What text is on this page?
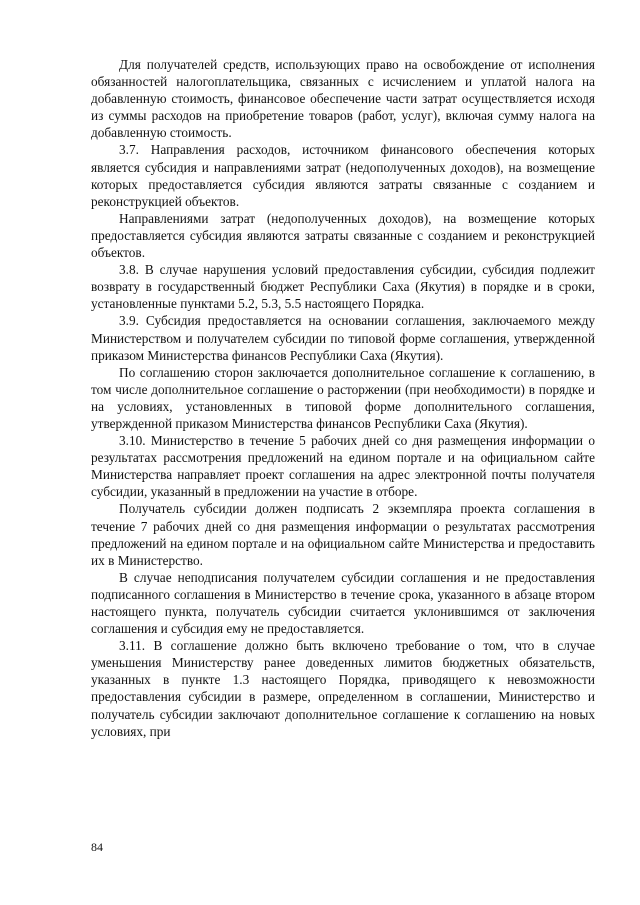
Для получателей средств, использующих право на освобождение от исполнения обязанностей налогоплательщика, связанных с исчислением и уплатой налога на добавленную стоимость, финансовое обеспечение части затрат осуществляется исходя из суммы расходов на приобретение товаров (работ, услуг), включая сумму налога на добавленную стоимость.

3.7. Направления расходов, источником финансового обеспечения которых является субсидия и направлениями затрат (недополученных доходов), на возмещение которых предоставляется субсидия являются затраты связанные с созданием и реконструкцией объектов.

Направлениями затрат (недополученных доходов), на возмещение которых предоставляется субсидия являются затраты связанные с созданием и реконструкцией объектов.

3.8. В случае нарушения условий предоставления субсидии, субсидия подлежит возврату в государственный бюджет Республики Саха (Якутия) в порядке и в сроки, установленные пунктами 5.2, 5.3, 5.5 настоящего Порядка.

3.9. Субсидия предоставляется на основании соглашения, заключаемого между Министерством и получателем субсидии по типовой форме соглашения, утвержденной приказом Министерства финансов Республики Саха (Якутия).

По соглашению сторон заключается дополнительное соглашение к соглашению, в том числе дополнительное соглашение о расторжении (при необходимости) в порядке и на условиях, установленных в типовой форме дополнительного соглашения, утвержденной приказом Министерства финансов Республики Саха (Якутия).

3.10. Министерство в течение 5 рабочих дней со дня размещения информации о результатах рассмотрения предложений на едином портале и на официальном сайте Министерства направляет проект соглашения на адрес электронной почты получателя субсидии, указанный в предложении на участие в отборе.

Получатель субсидии должен подписать 2 экземпляра проекта соглашения в течение 7 рабочих дней со дня размещения информации о результатах рассмотрения предложений на едином портале и на официальном сайте Министерства и предоставить их в Министерство.

В случае неподписания получателем субсидии соглашения и не предоставления подписанного соглашения в Министерство в течение срока, указанного в абзаце втором настоящего пункта, получатель субсидии считается уклонившимся от заключения соглашения и субсидия ему не предоставляется.

3.11. В соглашение должно быть включено требование о том, что в случае уменьшения Министерству ранее доведенных лимитов бюджетных обязательств, указанных в пункте 1.3 настоящего Порядка, приводящего к невозможности предоставления субсидии в размере, определенном в соглашении, Министерство и получатель субсидии заключают дополнительное соглашение к соглашению на новых условиях, при

84
